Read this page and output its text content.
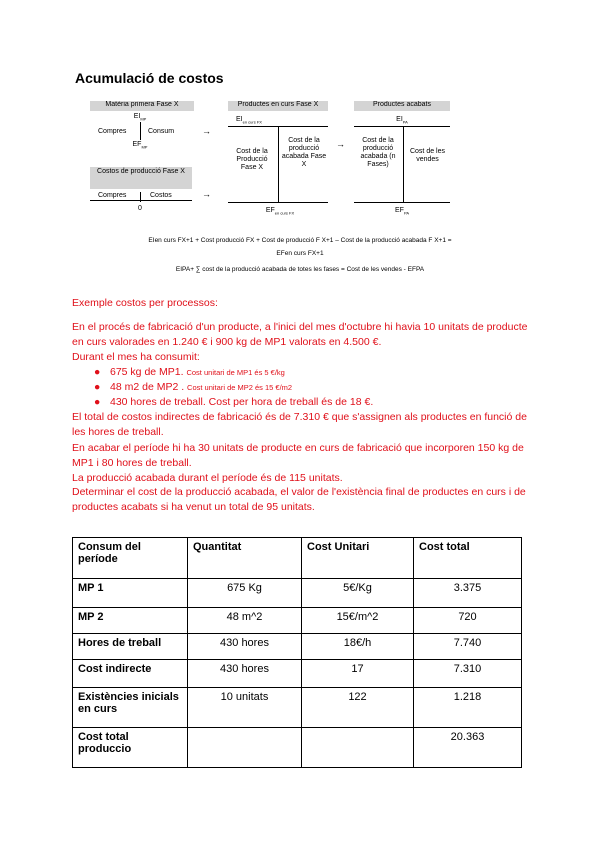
Acumulació de costos
Matèria primera Fase X
$EI_{MP}$
Compres	Consum
$EF_{MP}$
→
Costos de producció Fase X
Compres	Costos
0
→
Productes en curs Fase X
$EI_{en curs FX}$
Cost de la Producció Fase X
Cost de la producció acabada Fase X
$EF_{en curs FX}$
→
Productes acabats
$EI_{PA}$
Cost de la producció acabada (n Fases)
Cost de les vendes
$EF_{PA}$
EIen curs FX+1 + Cost producció FX + Cost de producció F X+1 – Cost de la producció acabada F X+1 =
EFen curs FX+1
EIPA+ ∑ cost de la producció acabada de totes les fases = Cost de les vendes - EFPA
Exemple costos per processos:
En el procés de fabricació d'un producte, a l'inici del mes d'octubre hi havia 10 unitats de producte en curs valorades en 1.240 € i 900 kg de MP1 valorats en 4.500 €.
Durant el mes ha consumit:
● 675 kg de MP1. Cost unitari de MP1 és 5 €/kg
● 48 m2 de MP2 . Cost unitari de MP2 és 15 €/m2
● 430 hores de treball. Cost per hora de treball és de 18 €.
El total de costos indirectes de fabricació és de 7.310 € que s'assignen als productes en funció de les hores de treball.
En acabar el període hi ha 30 unitats de producte en curs de fabricació que incorporen 150 kg de MP1 i 80 hores de treball.
La producció acabada durant el període és de 115 unitats.
Determinar el cost de la producció acabada, el valor de l'existència final de productes en curs i de productes acabats si ha venut un total de 95 unitats.
Consum del període	Quantitat	Cost Unitari	Cost total
MP 1	675 Kg	5€/Kg	3.375
MP 2	48 m^2	15€/m^2	720
Hores de treball	430 hores	18€/h	7.740
Cost indirecte	430 hores	17	7.310
Existències inicials en curs	10 unitats	122	1.218
Cost total produccio			20.363
